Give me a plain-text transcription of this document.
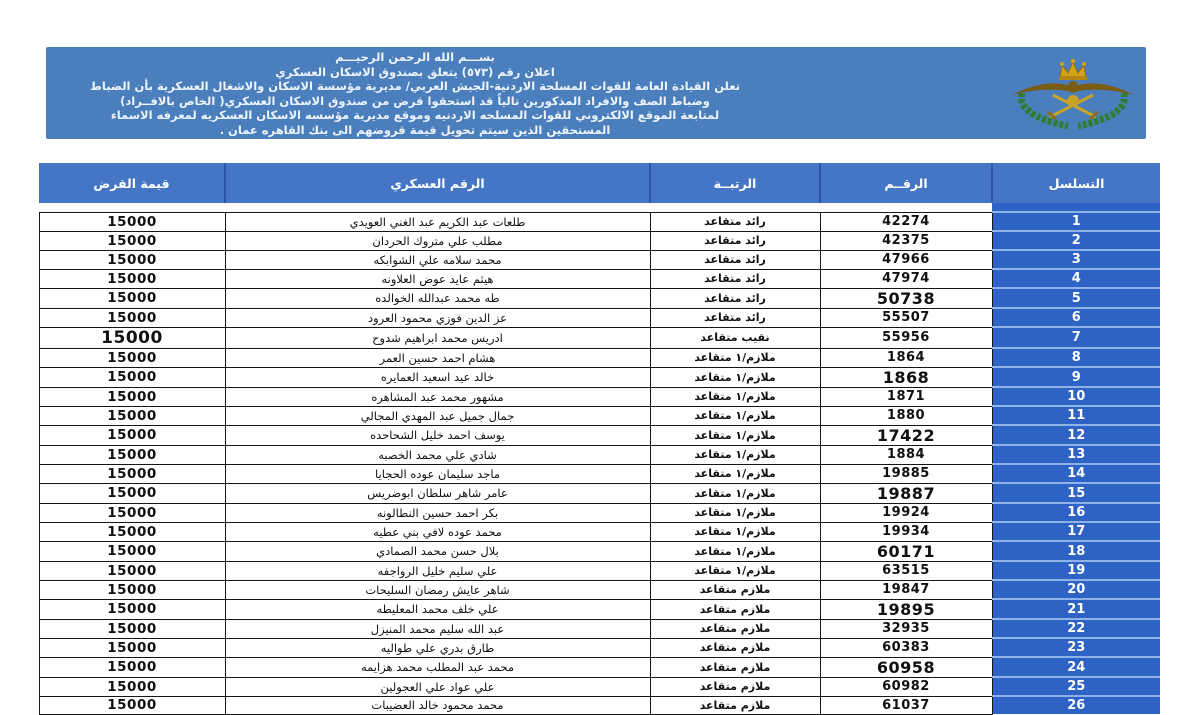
بســـم الله الرحمن الرحيـــم
اعلان رقم (٥٧٣) يتعلق بصندوق الاسكان العسكري
تعلن القيادة العامة للقوات المسلحة الاردنية-الجيش العربي/ مديرية مؤسسة الاسكان والاشغال العسكرية بأن الضباط
وضباط الصف والافراد المذكورين تالياً قد استحقوا قرض من صندوق الاسكان العسكري( الخاص بالافــراد)
لمتابعة الموقع الالكتروني للقوات المسلحه الاردنيه وموقع مديرية مؤسسه الاسكان العسكريه لمعرفه الاسماء
المستحقين الذين سيتم تحويل قيمة قروضهم الى بنك القاهره عمان .
التسلسل	الرقــم	الرتبــة	الرقم العسكري	قيمة القرض

1	42274	رائد متقاعد	طلعات عبد الكريم عبد الغني العويدي	15000
2	42375	رائد متقاعد	مطلب علي متروك الحردان	15000
3	47966	رائد متقاعد	محمد سلامه علي الشوابكه	15000
4	47974	رائد متقاعد	هيثم عايد عوض العلاونه	15000
5	50738	رائد متقاعد	طه محمد عبدالله الخوالده	15000
6	55507	رائد متقاعد	عز الدين فوزي محمود العرود	15000
7	55956	نقيب متقاعد	ادريس محمد ابراهيم شدوح	15000
8	1864	ملازم/١ متقاعد	هشام احمد حسين العمر	15000
9	1868	ملازم/١ متقاعد	خالد عيد اسعيد العمايره	15000
10	1871	ملازم/١ متقاعد	مشهور محمد عبد المشاهره	15000
11	1880	ملازم/١ متقاعد	جمال جميل عبد المهدي المجالي	15000
12	17422	ملازم/١ متقاعد	يوسف احمد خليل الشحاحده	15000
13	1884	ملازم/١ متقاعد	شادي علي محمد الخصبه	15000
14	19885	ملازم/١ متقاعد	ماجد سليمان عوده الحجايا	15000
15	19887	ملازم/١ متقاعد	عامر شاهر سلطان ابوضريس	15000
16	19924	ملازم/١ متقاعد	بكر احمد حسين النطالونه	15000
17	19934	ملازم/١ متقاعد	محمد عوده لافي بني عطيه	15000
18	60171	ملازم/١ متقاعد	بلال حسن محمد الصمادي	15000
19	63515	ملازم/١ متقاعد	علي سليم خليل الرواجفه	15000
20	19847	ملازم متقاعد	شاهر عايش رمضان السليحات	15000
21	19895	ملازم متقاعد	علي خلف محمد المعليطه	15000
22	32935	ملازم متقاعد	عبد الله سليم محمد المنيزل	15000
23	60383	ملازم متقاعد	طارق بدري علي طواليه	15000
24	60958	ملازم متقاعد	محمد عبد المطلب محمد هزايمه	15000
25	60982	ملازم متقاعد	علي عواد علي العجولين	15000
26	61037	ملازم متقاعد	محمد محمود خالد العضيبات	15000
